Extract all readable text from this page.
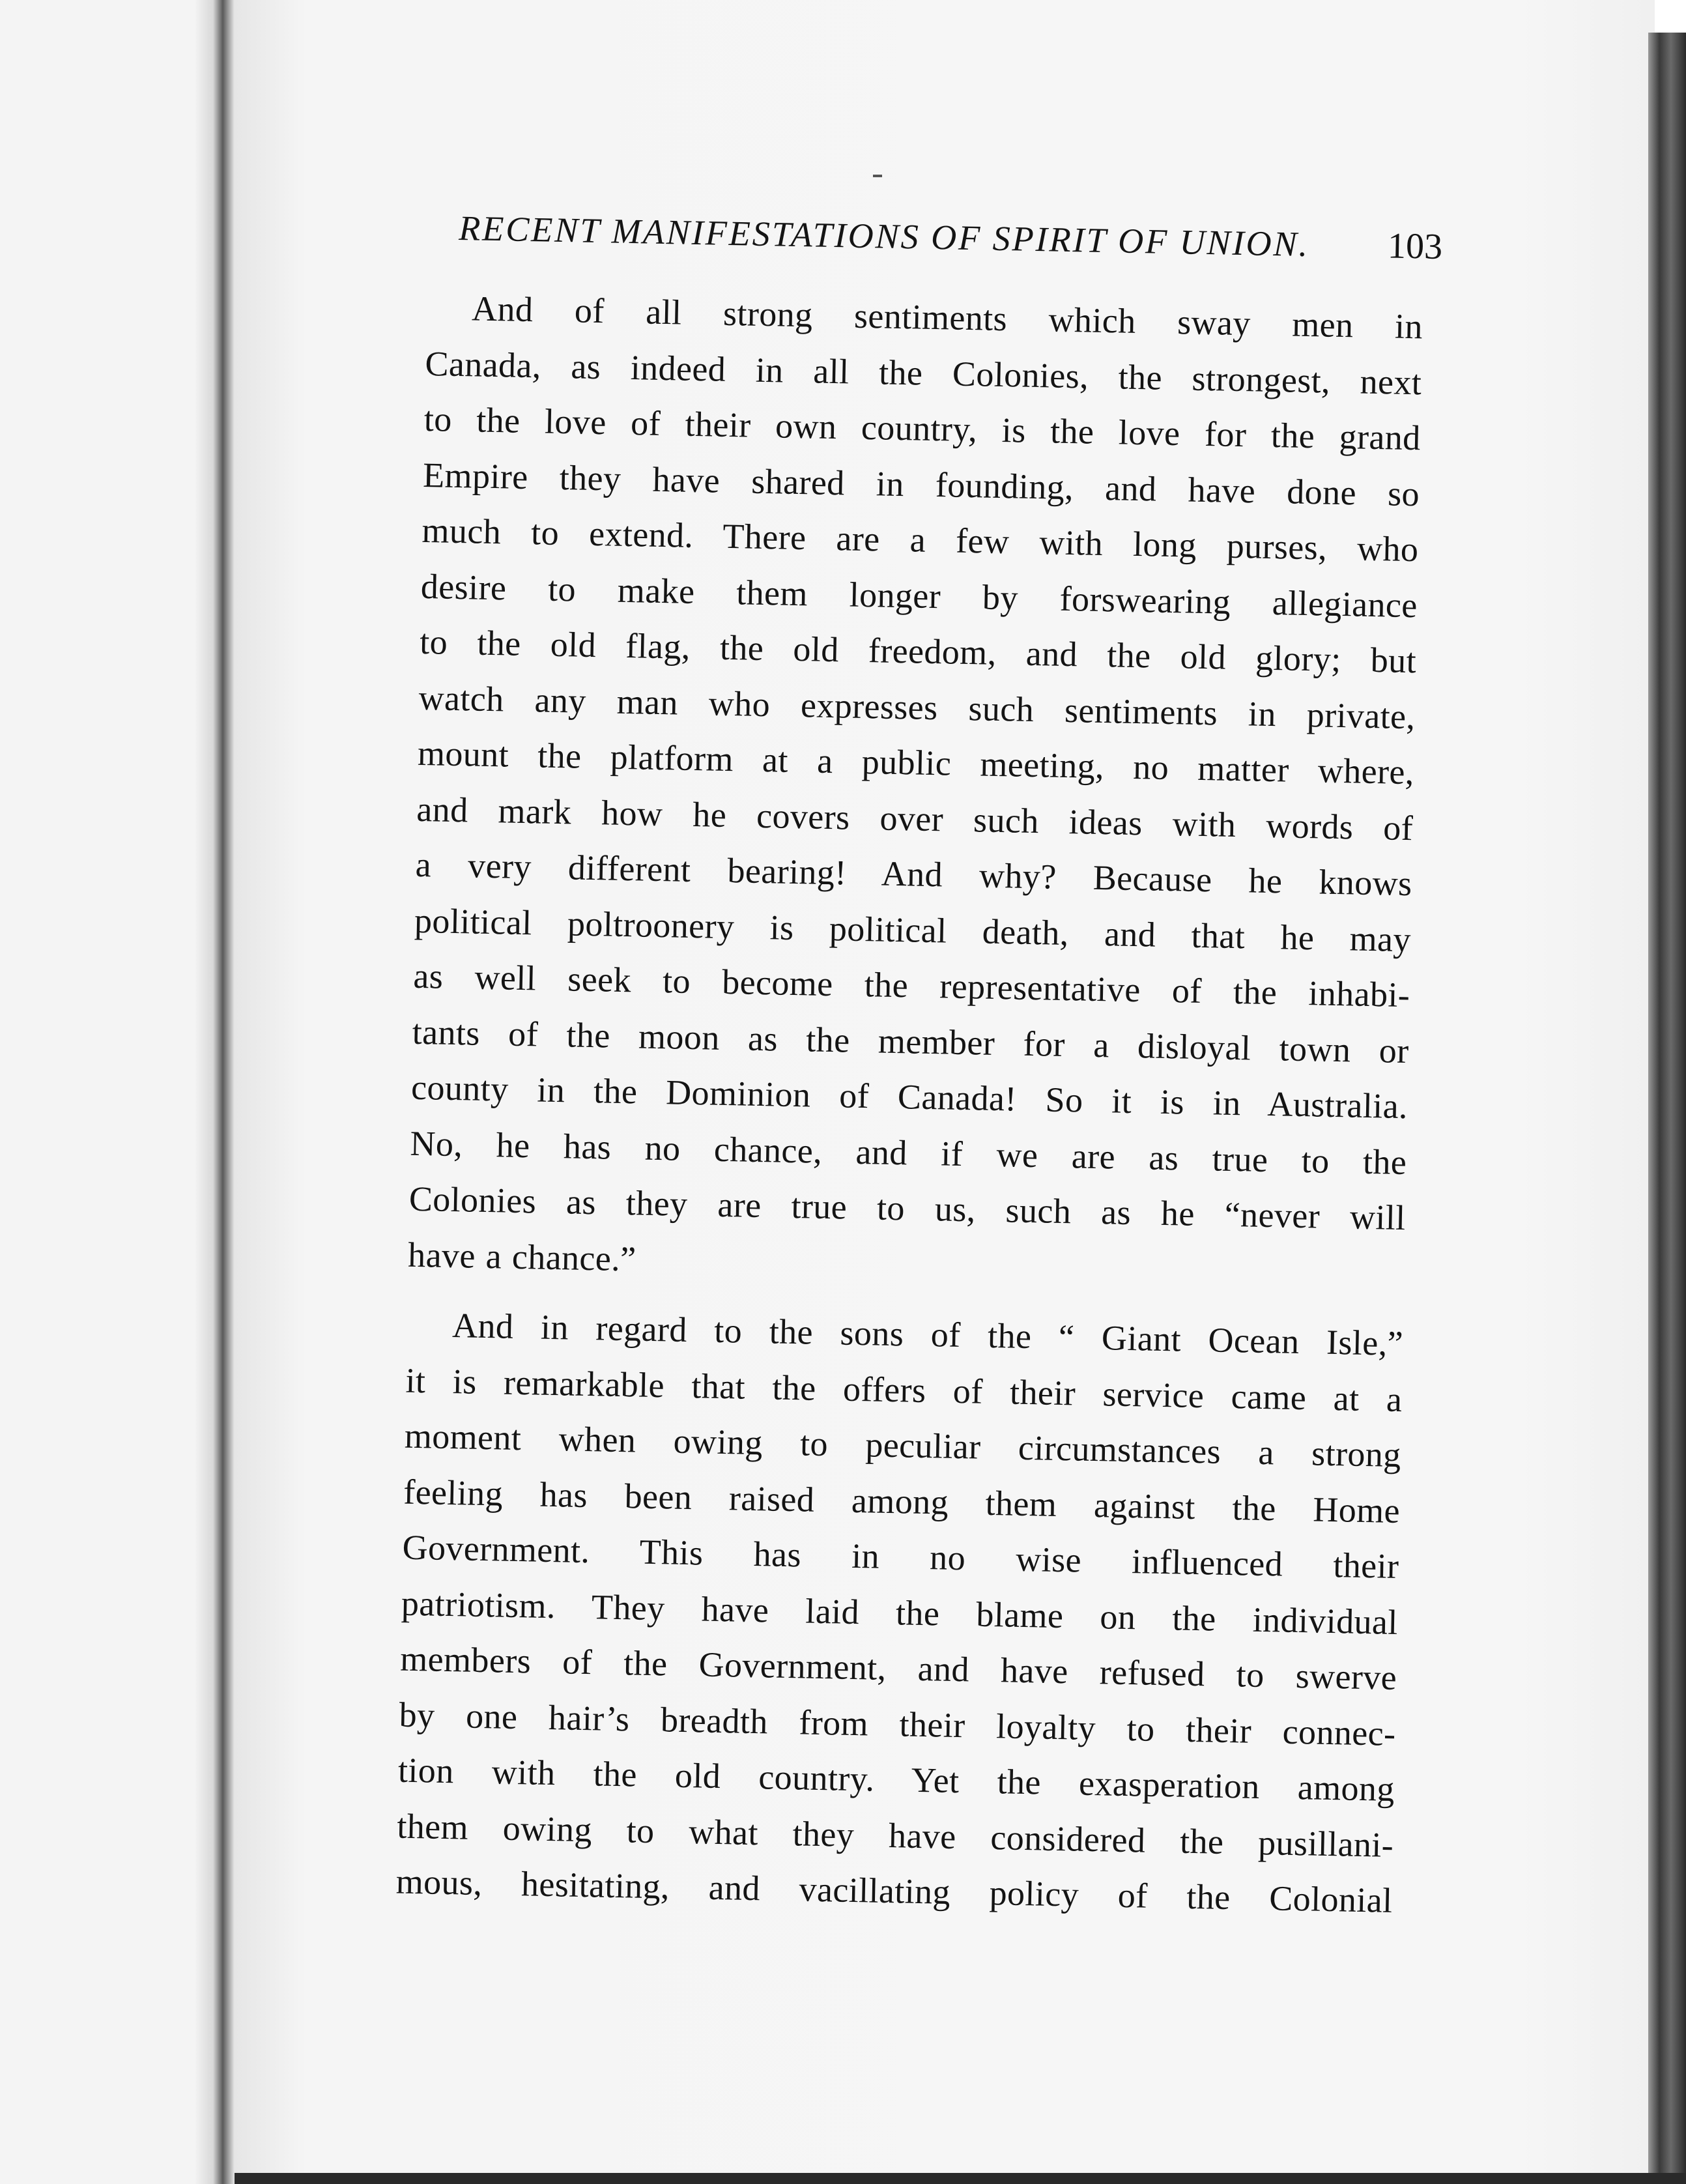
RECENT MANIFESTATIONS OF SPIRIT OF UNION. 103
And of all strong sentiments which sway men in
Canada, as indeed in all the Colonies, the strongest, next
to the love of their own country, is the love for the grand
Empire they have shared in founding, and have done so
much to extend. There are a few with long purses, who
desire to make them longer by forswearing allegiance
to the old flag, the old freedom, and the old glory; but
watch any man who expresses such sentiments in private,
mount the platform at a public meeting, no matter where,
and mark how he covers over such ideas with words of
a very different bearing! And why? Because he knows
political poltroonery is political death, and that he may
as well seek to become the representative of the inhabi-
tants of the moon as the member for a disloyal town or
county in the Dominion of Canada! So it is in Australia.
No, he has no chance, and if we are as true to the
Colonies as they are true to us, such as he “never will
have a chance.”
And in regard to the sons of the “ Giant Ocean Isle,”
it is remarkable that the offers of their service came at a
moment when owing to peculiar circumstances a strong
feeling has been raised among them against the Home
Government. This has in no wise influenced their
patriotism. They have laid the blame on the individual
members of the Government, and have refused to swerve
by one hair’s breadth from their loyalty to their connec-
tion with the old country. Yet the exasperation among
them owing to what they have considered the pusillani-
mous, hesitating, and vacillating policy of the Colonial
